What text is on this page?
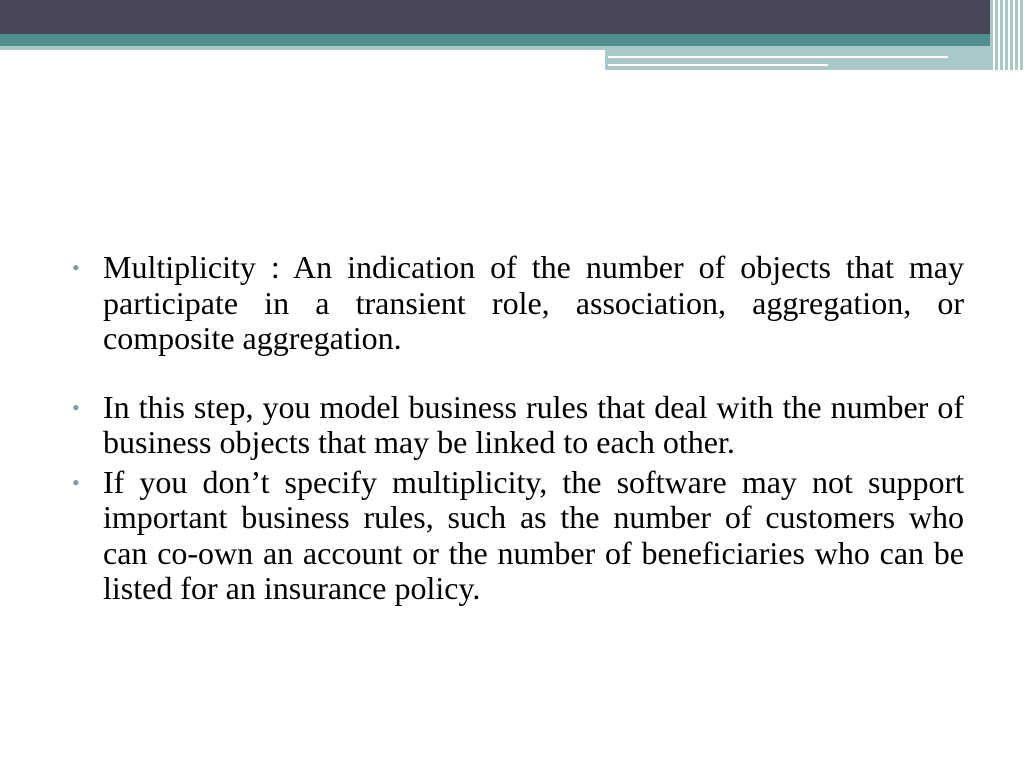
• Multiplicity : An indication of the number of objects that may participate in a transient role, association, aggregation, or composite aggregation.
• In this step, you model business rules that deal with the number of business objects that may be linked to each other.
• If you don’t specify multiplicity, the software may not support important business rules, such as the number of customers who can co-own an account or the number of beneficiaries who can be listed for an insurance policy.
